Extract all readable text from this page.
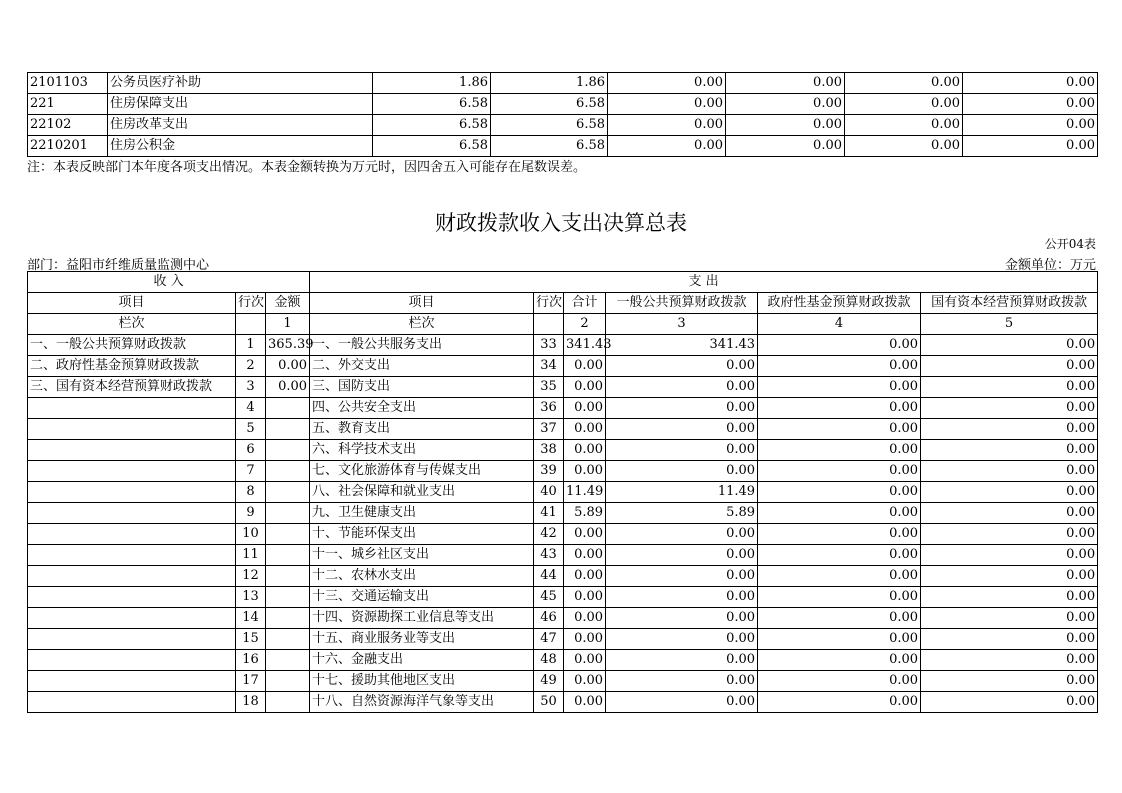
2101103	公务员医疗补助	1.86	1.86	0.00	0.00	0.00	0.00
221	住房保障支出	6.58	6.58	0.00	0.00	0.00	0.00
22102	住房改革支出	6.58	6.58	0.00	0.00	0.00	0.00
2210201	住房公积金	6.58	6.58	0.00	0.00	0.00	0.00
注：本表反映部门本年度各项支出情况。本表金额转换为万元时，因四舍五入可能存在尾数误差。
财政拨款收入支出决算总表
公开04表
部门：益阳市纤维质量监测中心	金额单位：万元
收 入			支 出					
项目	行次	金额	项目	行次	合计	一般公共预算财政拨款	政府性基金预算财政拨款	国有资本经营预算财政拨款
栏次		1	栏次		2	3	4	5
一、一般公共预算财政拨款	1	365.39	一、一般公共服务支出	33	341.43	341.43	0.00	0.00
二、政府性基金预算财政拨款	2	0.00	二、外交支出	34	0.00	0.00	0.00	0.00
三、国有资本经营预算财政拨款	3	0.00	三、国防支出	35	0.00	0.00	0.00	0.00
	4		四、公共安全支出	36	0.00	0.00	0.00	0.00
	5		五、教育支出	37	0.00	0.00	0.00	0.00
	6		六、科学技术支出	38	0.00	0.00	0.00	0.00
	7		七、文化旅游体育与传媒支出	39	0.00	0.00	0.00	0.00
	8		八、社会保障和就业支出	40	11.49	11.49	0.00	0.00
	9		九、卫生健康支出	41	5.89	5.89	0.00	0.00
	10		十、节能环保支出	42	0.00	0.00	0.00	0.00
	11		十一、城乡社区支出	43	0.00	0.00	0.00	0.00
	12		十二、农林水支出	44	0.00	0.00	0.00	0.00
	13		十三、交通运输支出	45	0.00	0.00	0.00	0.00
	14		十四、资源勘探工业信息等支出	46	0.00	0.00	0.00	0.00
	15		十五、商业服务业等支出	47	0.00	0.00	0.00	0.00
	16		十六、金融支出	48	0.00	0.00	0.00	0.00
	17		十七、援助其他地区支出	49	0.00	0.00	0.00	0.00
	18		十八、自然资源海洋气象等支出	50	0.00	0.00	0.00	0.00
